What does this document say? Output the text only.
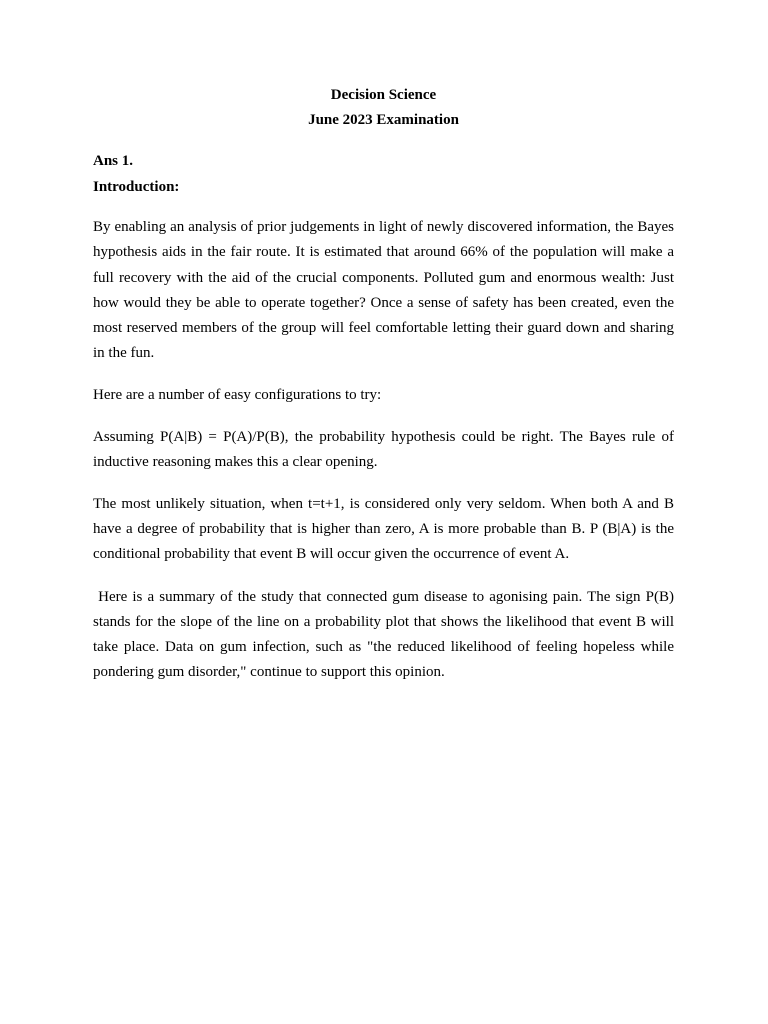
Decision Science
June 2023 Examination
Ans 1.
Introduction:

By enabling an analysis of prior judgements in light of newly discovered information, the Bayes hypothesis aids in the fair route. It is estimated that around 66% of the population will make a full recovery with the aid of the crucial components. Polluted gum and enormous wealth: Just how would they be able to operate together? Once a sense of safety has been created, even the most reserved members of the group will feel comfortable letting their guard down and sharing in the fun.

Here are a number of easy configurations to try:

Assuming P(A|B) = P(A)/P(B), the probability hypothesis could be right. The Bayes rule of inductive reasoning makes this a clear opening.

The most unlikely situation, when t=t+1, is considered only very seldom. When both A and B have a degree of probability that is higher than zero, A is more probable than B. P (B|A) is the conditional probability that event B will occur given the occurrence of event A.

Here is a summary of the study that connected gum disease to agonising pain. The sign P(B) stands for the slope of the line on a probability plot that shows the likelihood that event B will take place. Data on gum infection, such as "the reduced likelihood of feeling hopeless while pondering gum disorder," continue to support this opinion.
